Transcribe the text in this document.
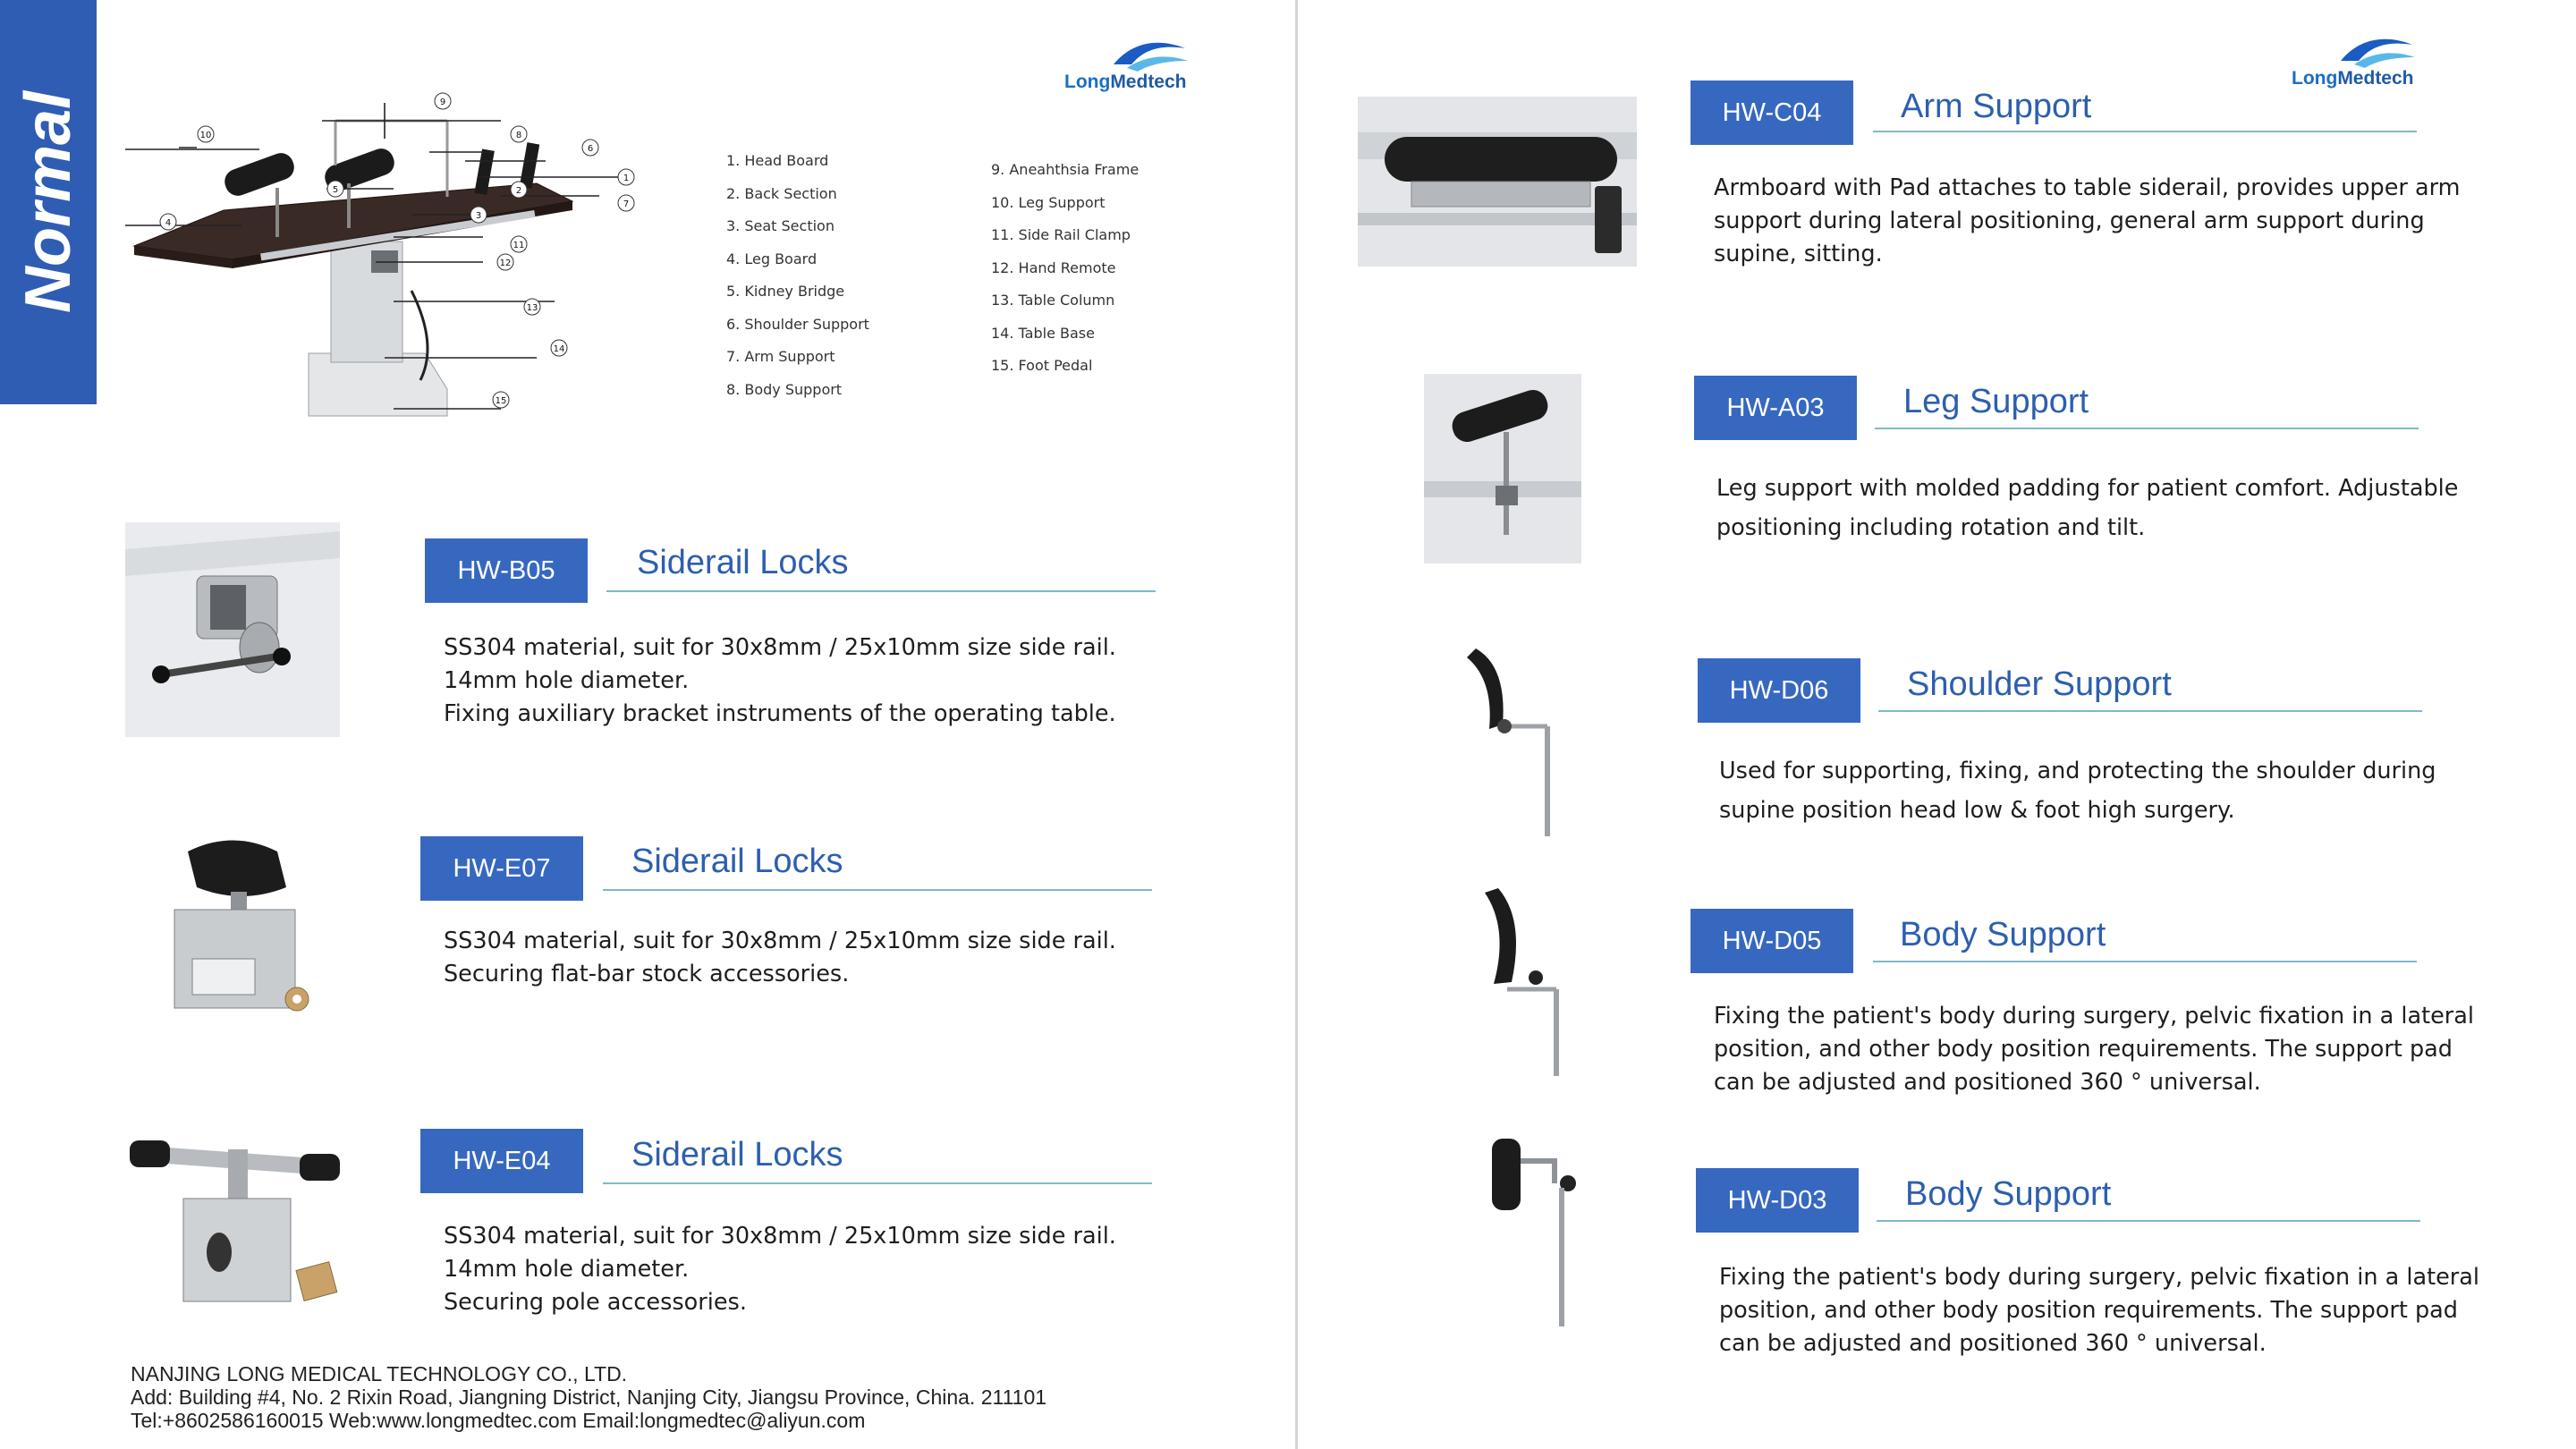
Normal
LongMedtech	LongMedtech
10
9
4
5
8
6
1
2
7
3
11
12
13
14
15
1. Head Board
2. Back Section
3. Seat Section
4. Leg Board
5. Kidney Bridge
6. Shoulder Support
7. Arm Support
8. Body Support
9. Aneahthsia Frame
10. Leg Support
11. Side Rail Clamp
12. Hand Remote
13. Table Column
14. Table Base
15. Foot Pedal
HW-B05	Siderail Locks
SS304 material, suit for 30x8mm / 25x10mm size side rail.
14mm hole diameter.
Fixing auxiliary bracket instruments of the operating table.
HW-E07	Siderail Locks
SS304 material, suit for 30x8mm / 25x10mm size side rail.
Securing flat-bar stock accessories.
HW-E04	Siderail Locks
SS304 material, suit for 30x8mm / 25x10mm size side rail.
14mm hole diameter.
Securing pole accessories.
NANJING LONG MEDICAL TECHNOLOGY CO., LTD.
Add: Building #4, No. 2 Rixin Road, Jiangning District, Nanjing City, Jiangsu Province, China. 211101
Tel:+8602586160015 Web:www.longmedtec.com Email:longmedtec@aliyun.com
HW-C04	Arm Support
Armboard with Pad attaches to table siderail, provides upper arm
support during lateral positioning, general arm support during
supine, sitting.
HW-A03	Leg Support
Leg support with molded padding for patient comfort. Adjustable
positioning including rotation and tilt.
HW-D06	Shoulder Support
Used for supporting, fixing, and protecting the shoulder during
supine position head low & foot high surgery.
HW-D05	Body Support
Fixing the patient's body during surgery, pelvic fixation in a lateral
position, and other body position requirements. The support pad
can be adjusted and positioned 360 ° universal.
HW-D03	Body Support
Fixing the patient's body during surgery, pelvic fixation in a lateral
position, and other body position requirements. The support pad
can be adjusted and positioned 360 ° universal.
